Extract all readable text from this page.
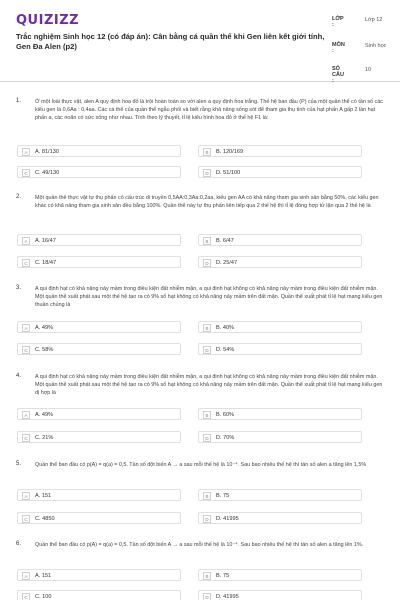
QUIZIZZ
Trắc nghiệm Sinh học 12 (có đáp án): Cân bằng cá quần thể khi Gen liên kết giới tính, Gen Đa Alen (p2)
LỚP :
Lớp 12
MÔN :
Sinh học
SỐ CÂU :
10
1.	Ở một loài thực vật, alen A quy định hoa đỏ là trội hoàn toàn so với alen a quy định hoa trắng. Thế hệ ban đầu (P) của một quần thể có tần số các kiểu gen là 0,6Aa : 0,4aa. Các cá thể của quần thể ngẫu phối và biết rằng khả năng sống sót để tham gia thụ tinh của hạt phấn A gấp 2 lần hạt phấn a, các noãn có sức sống như nhau. Tính theo lý thuyết, tỉ lệ kiểu hình hoa đỏ ở thế hệ F1 là:
A	A. 81/130	B	B. 120/169
C	C. 49/130	D	D. 51/100
2.	Một quần thể thực vật tự thụ phấn có cấu trúc di truyền 0,5AA:0,3Aa:0,2aa, kiểu gen AA có khả năng tham gia sinh sản bằng 50%, các kiểu gen khác có khả năng tham gia sinh sản đều bằng 100%. Quần thể này tự thụ phấn liên tiếp qua 2 thế hệ thì tỉ lệ đồng hợp tử lặn qua 2 thế hệ là
A	A. 16/47	B	B. 6/47
C	C. 18/47	D	D. 25/47
3.	A qui định hạt có khả năng nảy mầm trong điều kiện đất nhiễm mặn, a qui định hạt không có khả năng nảy mầm trong điều kiện đất nhiễm mặn. Một quần thể xuất phát sau một thế hệ tạo ra có 9% số hạt không có khả năng nảy mầm trên đất mặn. Quần thể xuất phát tỉ lệ hạt mang kiểu gen thuần chủng là
A	A. 49%	B	B. 40%
C	C. 58%	D	D. 54%
4.	A qui định hạt có khả năng nảy mầm trong điều kiện đất nhiễm mặn, a qui định hạt không có khả năng nảy mầm trong điều kiện đất nhiễm mặn. Một quần thể xuất phát sau một thế hệ tạo ra có 9% số hạt không có khả năng nảy mầm trên đất mặn. Quần thể xuất phát tỉ lệ hạt mang kiểu gen dị hợp là
A	A. 49%	B	B. 60%
C	C. 21%	D	D. 70%
5.	Quần thể ban đầu có p(A) = q(a) = 0,5. Tần số đột biến A → a sau mỗi thế hệ là 10⁻⁴. Sau bao nhiêu thế hệ thì tần số alen a tăng lên 1,5%
A	A. 151	B	B. 75
C	C. 4850	D	D. 41995
6.	Quần thể ban đầu có p(A) = q(a) = 0,5. Tần số đột biến A → a sau mỗi thế hệ là 10⁻⁴. Sau bao nhiêu thế hệ thì tần số alen a tăng lên 1%.
A	A. 151	B	B. 75
C	C. 100	D	D. 41995
